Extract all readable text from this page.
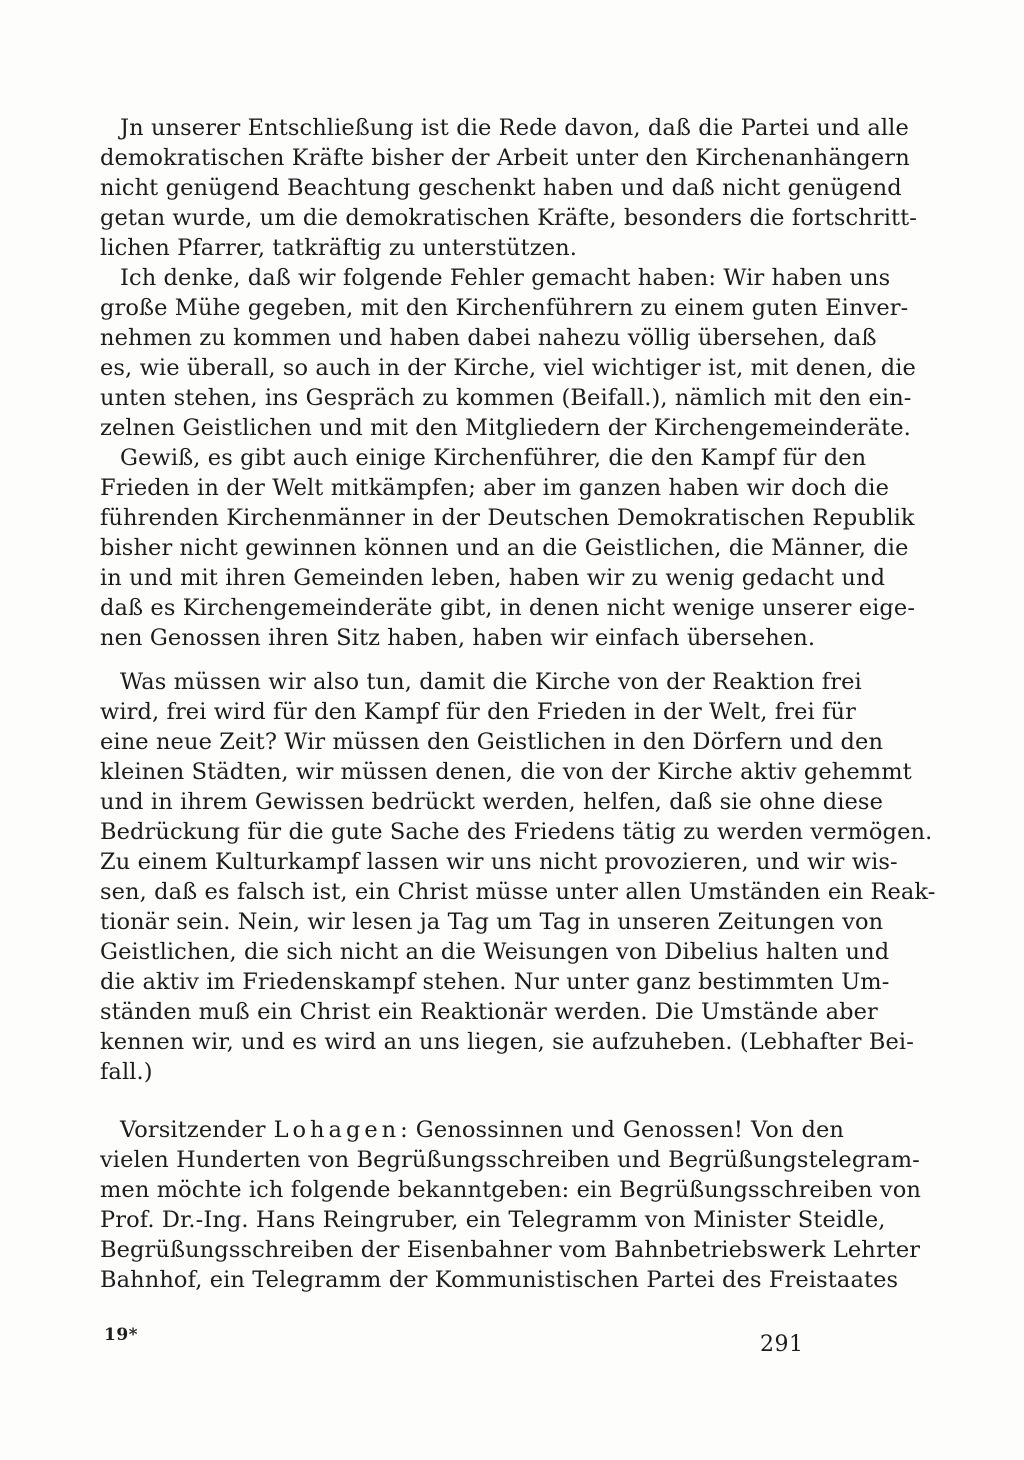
Jn unserer Entschließung ist die Rede davon, daß die Partei und alle
demokratischen Kräfte bisher der Arbeit unter den Kirchenanhängern
nicht genügend Beachtung geschenkt haben und daß nicht genügend
getan wurde, um die demokratischen Kräfte, besonders die fortschritt-
lichen Pfarrer, tatkräftig zu unterstützen.
Ich denke, daß wir folgende Fehler gemacht haben: Wir haben uns
große Mühe gegeben, mit den Kirchenführern zu einem guten Einver-
nehmen zu kommen und haben dabei nahezu völlig übersehen, daß
es, wie überall, so auch in der Kirche, viel wichtiger ist, mit denen, die
unten stehen, ins Gespräch zu kommen (Beifall.), nämlich mit den ein-
zelnen Geistlichen und mit den Mitgliedern der Kirchengemeinderäte.
Gewiß, es gibt auch einige Kirchenführer, die den Kampf für den
Frieden in der Welt mitkämpfen; aber im ganzen haben wir doch die
führenden Kirchenmänner in der Deutschen Demokratischen Republik
bisher nicht gewinnen können und an die Geistlichen, die Männer, die
in und mit ihren Gemeinden leben, haben wir zu wenig gedacht und
daß es Kirchengemeinderäte gibt, in denen nicht wenige unserer eige-
nen Genossen ihren Sitz haben, haben wir einfach übersehen.
Was müssen wir also tun, damit die Kirche von der Reaktion frei
wird, frei wird für den Kampf für den Frieden in der Welt, frei für
eine neue Zeit? Wir müssen den Geistlichen in den Dörfern und den
kleinen Städten, wir müssen denen, die von der Kirche aktiv gehemmt
und in ihrem Gewissen bedrückt werden, helfen, daß sie ohne diese
Bedrückung für die gute Sache des Friedens tätig zu werden vermögen.
Zu einem Kulturkampf lassen wir uns nicht provozieren, und wir wis-
sen, daß es falsch ist, ein Christ müsse unter allen Umständen ein Reak-
tionär sein. Nein, wir lesen ja Tag um Tag in unseren Zeitungen von
Geistlichen, die sich nicht an die Weisungen von Dibelius halten und
die aktiv im Friedenskampf stehen. Nur unter ganz bestimmten Um-
ständen muß ein Christ ein Reaktionär werden. Die Umstände aber
kennen wir, und es wird an uns liegen, sie aufzuheben. (Lebhafter Bei-
fall.)
Vorsitzender Lohagen: Genossinnen und Genossen! Von den
vielen Hunderten von Begrüßungsschreiben und Begrüßungstelegram-
men möchte ich folgende bekanntgeben: ein Begrüßungsschreiben von
Prof. Dr.-Ing. Hans Reingruber, ein Telegramm von Minister Steidle,
Begrüßungsschreiben der Eisenbahner vom Bahnbetriebswerk Lehrter
Bahnhof, ein Telegramm der Kommunistischen Partei des Freistaates
19*	291
